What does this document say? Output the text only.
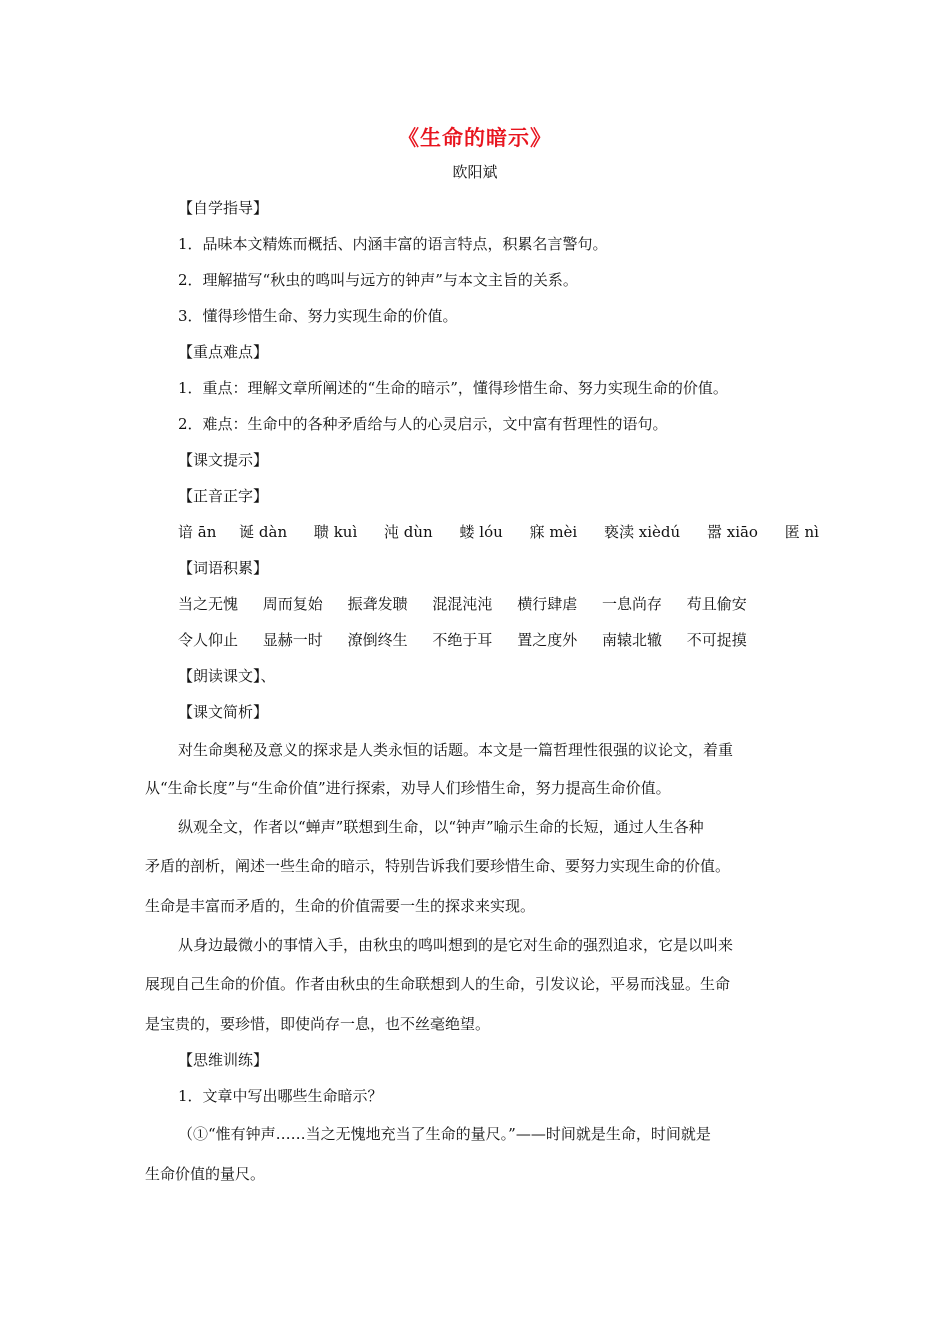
《生命的暗示》
欧阳斌
【自学指导】
1．品味本文精炼而概括、内涵丰富的语言特点，积累名言警句。
2．理解描写“秋虫的鸣叫与远方的钟声”与本文主旨的关系。
3．懂得珍惜生命、努力实现生命的价值。
【重点难点】
1．重点：理解文章所阐述的“生命的暗示”，懂得珍惜生命、努力实现生命的价值。
2．难点：生命中的各种矛盾给与人的心灵启示，文中富有哲理性的语句。
【课文提示】
【正音正字】
谙 ān 诞 dàn 聩 kuì 沌 dùn 蝼 lóu 寐 mèi 亵渎 xièdú 嚣 xiāo 匿 nì
【词语积累】
当之无愧 周而复始 振聋发聩 混混沌沌 横行肆虐 一息尚存 苟且偷安
令人仰止 显赫一时 潦倒终生 不绝于耳 置之度外 南辕北辙 不可捉摸
【朗读课文】、
【课文简析】
对生命奥秘及意义的探求是人类永恒的话题。本文是一篇哲理性很强的议论文，着重
从“生命长度”与“生命价值”进行探索，劝导人们珍惜生命，努力提高生命价值。
纵观全文，作者以“蝉声”联想到生命，以“钟声”喻示生命的长短，通过人生各种
矛盾的剖析，阐述一些生命的暗示，特别告诉我们要珍惜生命、要努力实现生命的价值。
生命是丰富而矛盾的，生命的价值需要一生的探求来实现。
从身边最微小的事情入手，由秋虫的鸣叫想到的是它对生命的强烈追求，它是以叫来
展现自己生命的价值。作者由秋虫的生命联想到人的生命，引发议论，平易而浅显。生命
是宝贵的，要珍惜，即使尚存一息，也不丝毫绝望。
【思维训练】
1．文章中写出哪些生命暗示？
（①“惟有钟声……当之无愧地充当了生命的量尺。”——时间就是生命，时间就是
生命价值的量尺。
